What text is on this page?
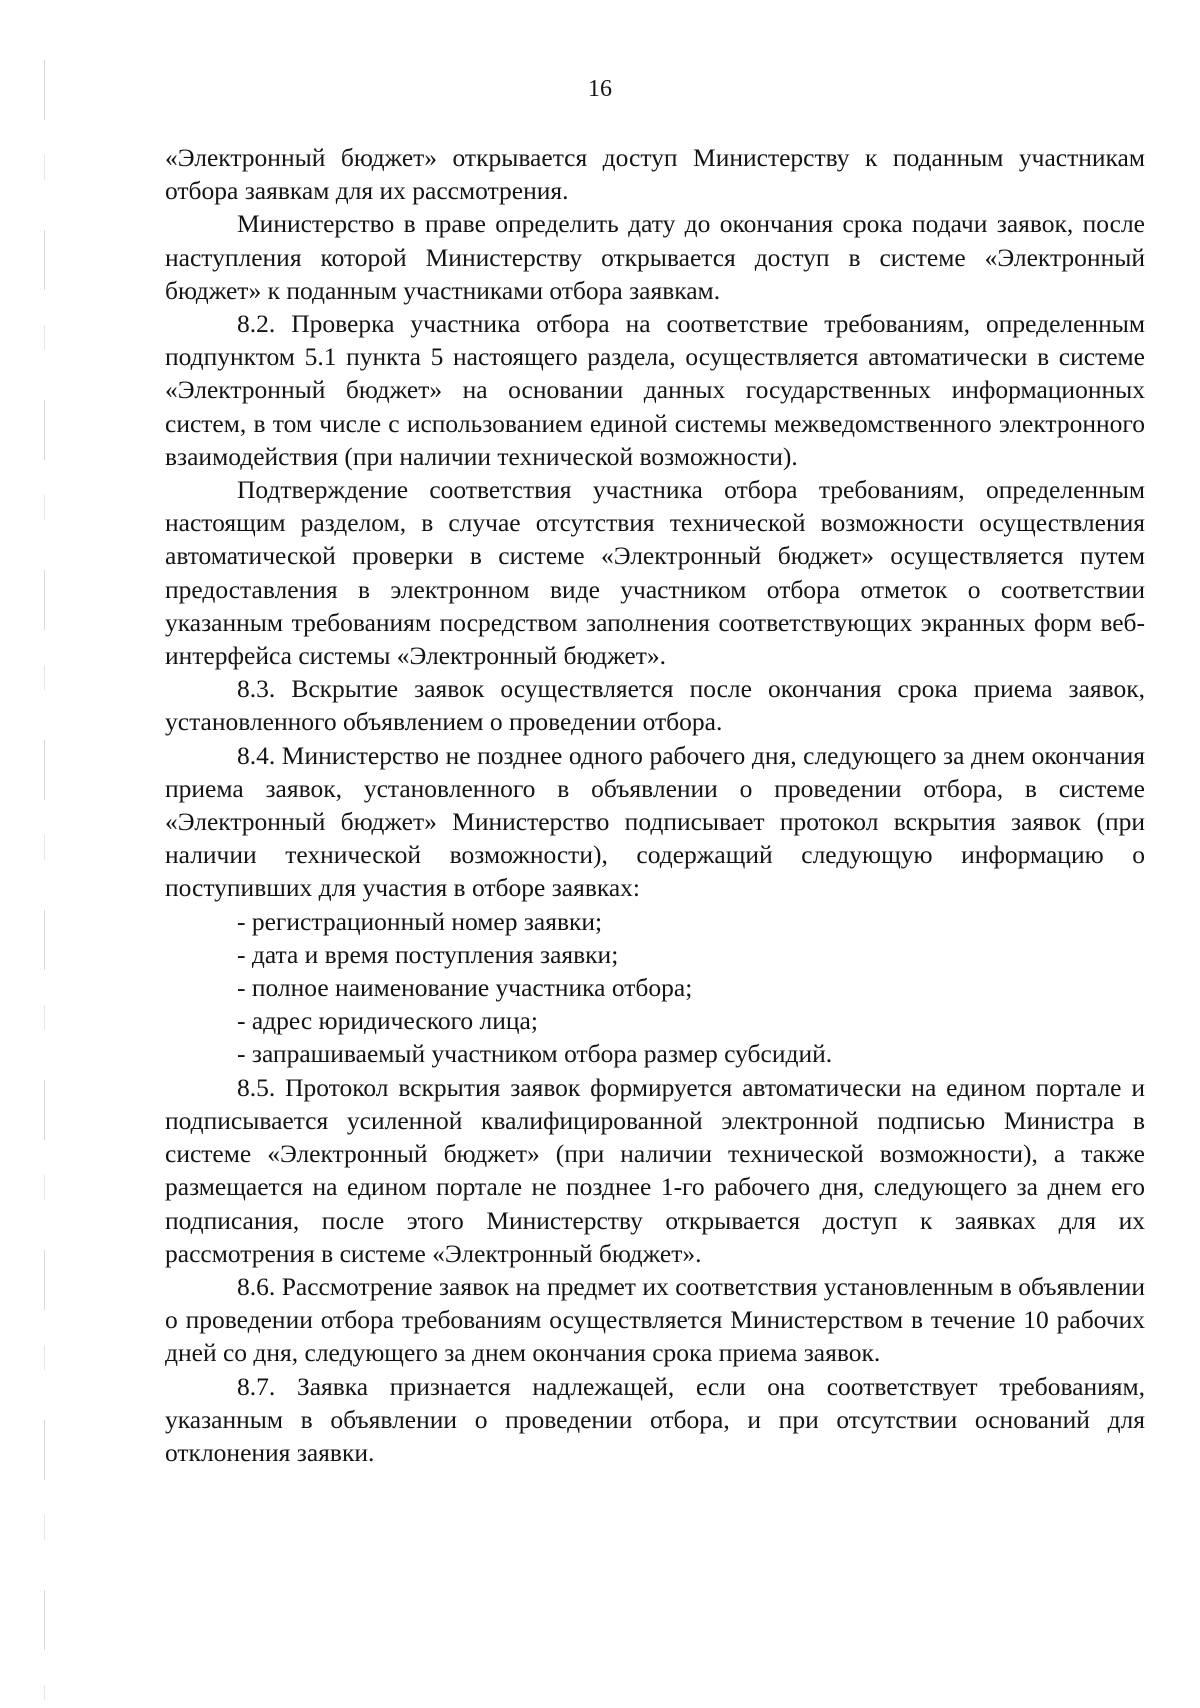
16

«Электронный бюджет» открывается доступ Министерству к поданным участникам отбора заявкам для их рассмотрения.

Министерство в праве определить дату до окончания срока подачи заявок, после наступления которой Министерству открывается доступ в системе «Электронный бюджет» к поданным участниками отбора заявкам.

8.2. Проверка участника отбора на соответствие требованиям, определенным подпунктом 5.1 пункта 5 настоящего раздела, осуществляется автоматически в системе «Электронный бюджет» на основании данных государственных информационных систем, в том числе с использованием единой системы межведомственного электронного взаимодействия (при наличии технической возможности).

Подтверждение соответствия участника отбора требованиям, определенным настоящим разделом, в случае отсутствия технической возможности осуществления автоматической проверки в системе «Электронный бюджет» осуществляется путем предоставления в электронном виде участником отбора отметок о соответствии указанным требованиям посредством заполнения соответствующих экранных форм веб-интерфейса системы «Электронный бюджет».

8.3. Вскрытие заявок осуществляется после окончания срока приема заявок, установленного объявлением о проведении отбора.

8.4. Министерство не позднее одного рабочего дня, следующего за днем окончания приема заявок, установленного в объявлении о проведении отбора, в системе «Электронный бюджет» Министерство подписывает протокол вскрытия заявок (при наличии технической возможности), содержащий следующую информацию о поступивших для участия в отборе заявках:

- регистрационный номер заявки;

- дата и время поступления заявки;

- полное наименование участника отбора;

- адрес юридического лица;

- запрашиваемый участником отбора размер субсидий.

8.5. Протокол вскрытия заявок формируется автоматически на едином портале и подписывается усиленной квалифицированной электронной подписью Министра в системе «Электронный бюджет» (при наличии технической возможности), а также размещается на едином портале не позднее 1-го рабочего дня, следующего за днем его подписания, после этого Министерству открывается доступ к заявках для их рассмотрения в системе «Электронный бюджет».

8.6. Рассмотрение заявок на предмет их соответствия установленным в объявлении о проведении отбора требованиям осуществляется Министерством в течение 10 рабочих дней со дня, следующего за днем окончания срока приема заявок.

8.7. Заявка признается надлежащей, если она соответствует требованиям, указанным в объявлении о проведении отбора, и при отсутствии оснований для отклонения заявки.
